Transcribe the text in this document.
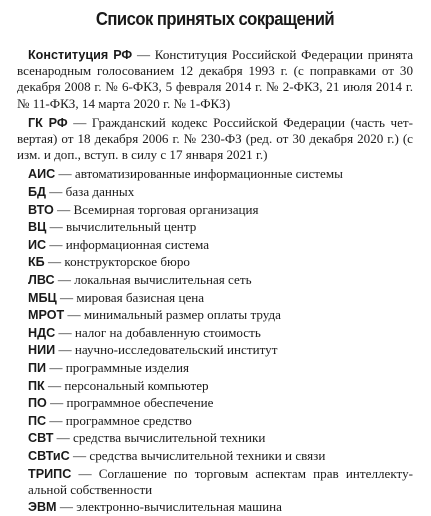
Список принятых сокращений

Конституция РФ — Конституция Российской Федерации принята всенародным голосованием 12 декабря 1993 г. (с поправками от 30 декабря 2008 г. № 6-ФКЗ, 5 февраля 2014 г. № 2-ФКЗ, 21 июля 2014 г. № 11-ФКЗ, 14 марта 2020 г. № 1-ФКЗ)

ГК РФ — Гражданский кодекс Российской Федерации (часть четвертая) от 18 декабря 2006 г. № 230-ФЗ (ред. от 30 декабря 2020 г.) (с изм. и доп., вступ. в силу с 17 января 2021 г.)

АИС — автоматизированные информационные системы

БД — база данных

ВТО — Всемирная торговая организация

ВЦ — вычислительный центр

ИС — информационная система

КБ — конструкторское бюро

ЛВС — локальная вычислительная сеть

МБЦ — мировая базисная цена

МРОТ — минимальный размер оплаты труда

НДС — налог на добавленную стоимость

НИИ — научно-исследовательский институт

ПИ — программные изделия

ПК — персональный компьютер

ПО — программное обеспечение

ПС — программное средство

СВТ — средства вычислительной техники

СВТиС — средства вычислительной техники и связи

ТРИПС — Соглашение по торговым аспектам прав интеллектуальной собственности

ЭВМ — электронно-вычислительная машина
